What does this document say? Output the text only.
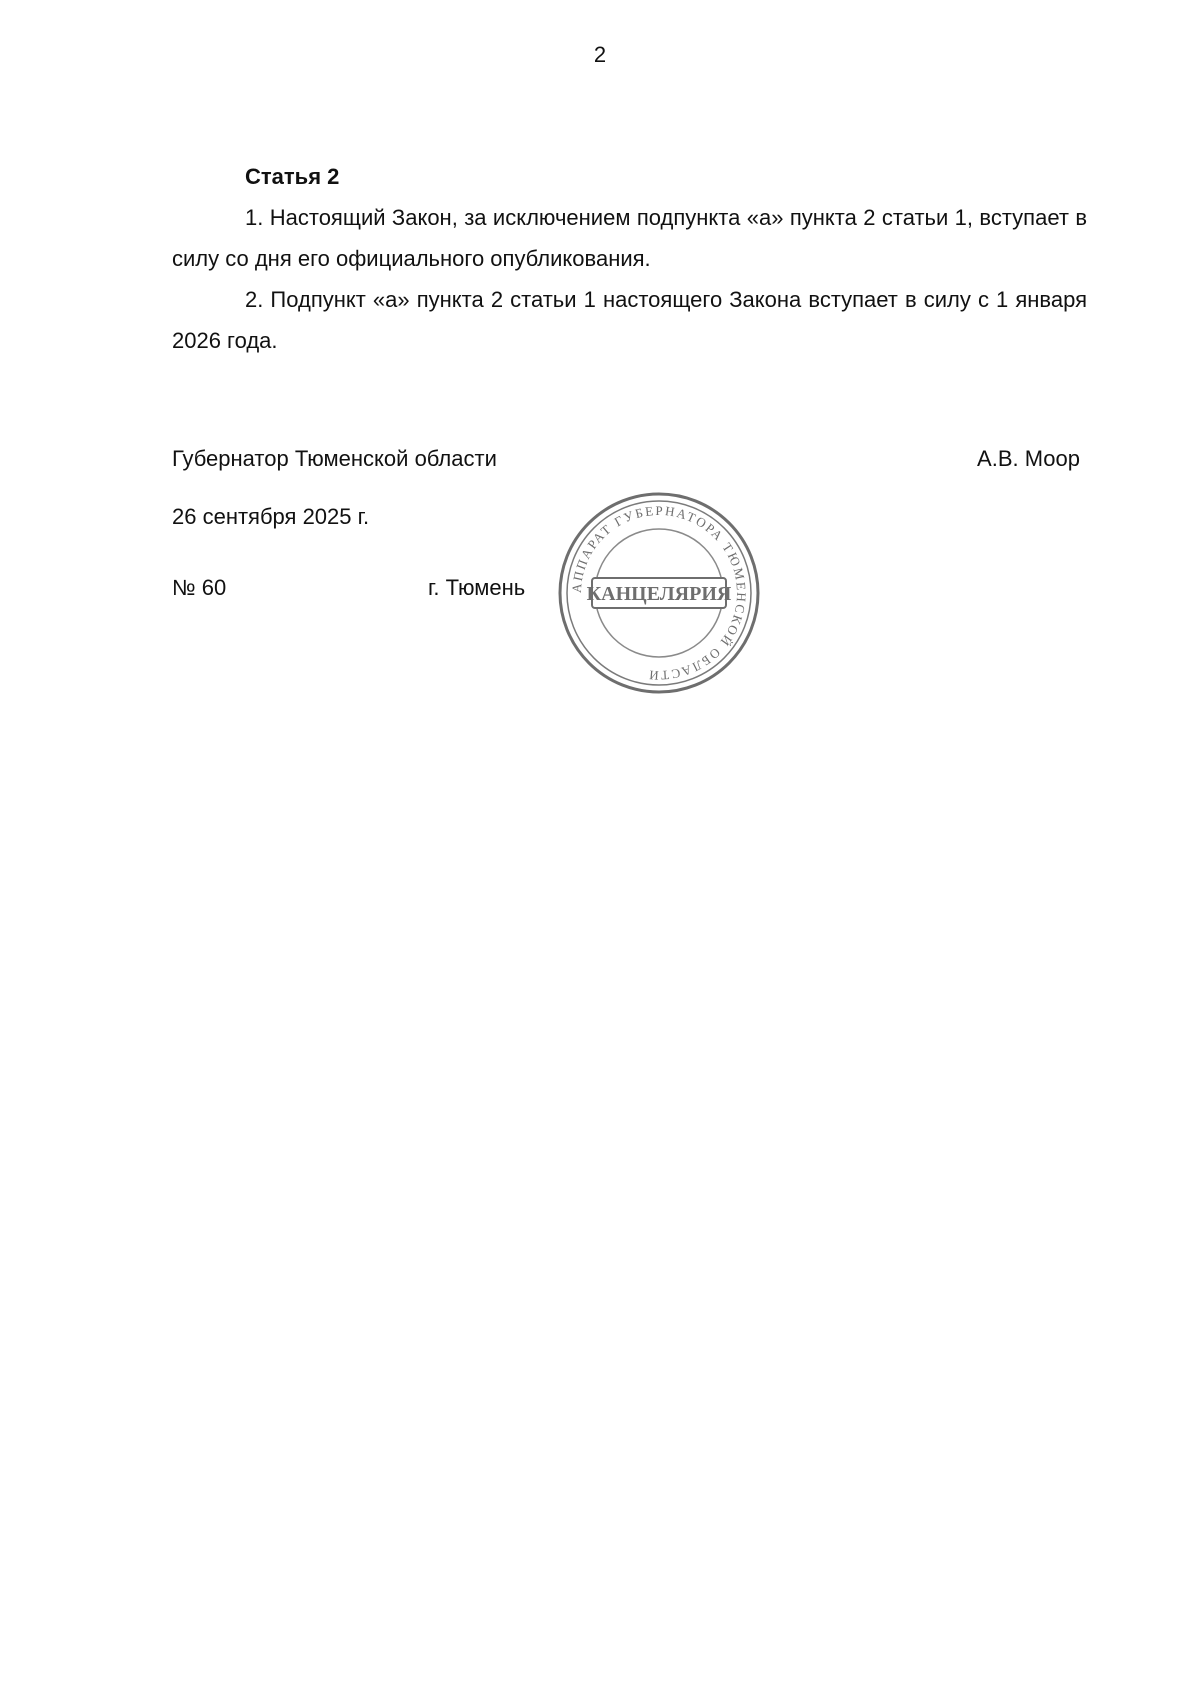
2
Статья 2

1. Настоящий Закон, за исключением подпункта «а» пункта 2 статьи 1, вступает в силу со дня его официального опубликования.

2. Подпункт «а» пункта 2 статьи 1 настоящего Закона вступает в силу с 1 января 2026 года.

Губернатор Тюменской области	А.В. Моор
26 сентября 2025 г.
№ 60	г. Тюмень	АППАРАТ ГУБЕРНАТОРА ТЮМЕНСКОЙ ОБЛАСТИ
КАНЦЕЛЯРИЯ
